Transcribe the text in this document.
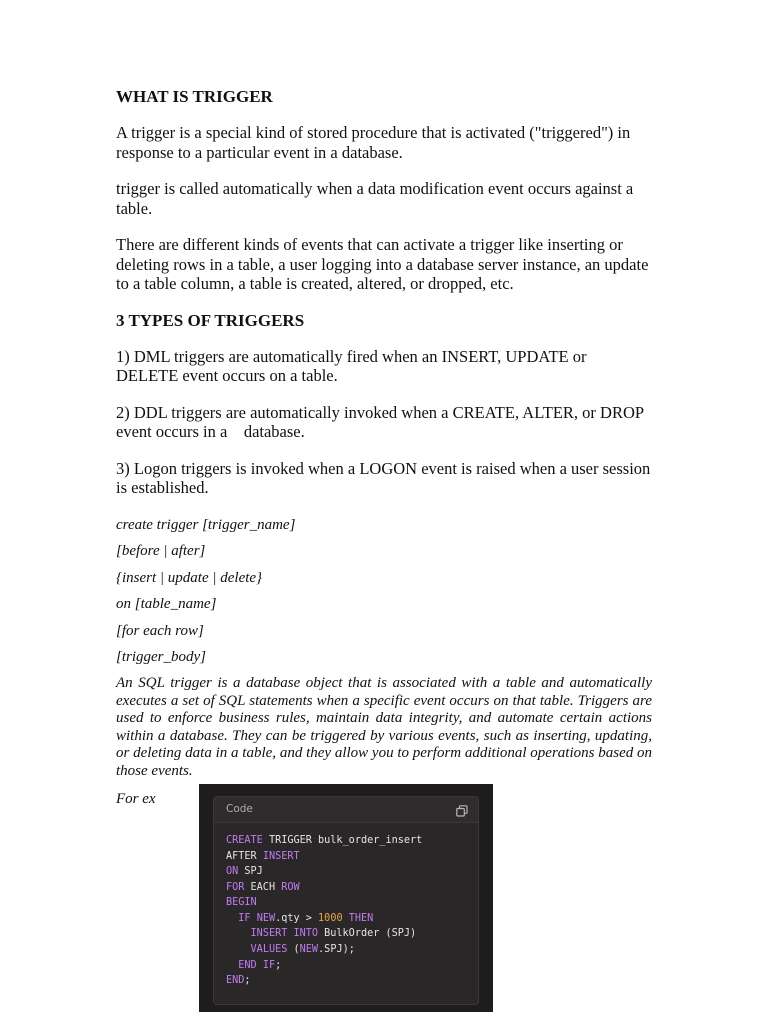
WHAT IS TRIGGER

A trigger is a special kind of stored procedure that is activated ("triggered") in response to a particular event in a database.

trigger is called automatically when a data modification event occurs against a table.

There are different kinds of events that can activate a trigger like inserting or deleting rows in a table, a user logging into a database server instance, an update to a table column, a table is created, altered, or dropped, etc.

3 TYPES OF TRIGGERS

1) DML triggers are automatically fired when an INSERT, UPDATE or DELETE event occurs on a table.

2) DDL triggers are automatically invoked when a CREATE, ALTER, or DROP event occurs in a    database.

3) Logon triggers is invoked when a LOGON event is raised when a user session is established.

create trigger [trigger_name]

[before | after]

{insert | update | delete}

on [table_name]

[for each row]

[trigger_body]

An SQL trigger is a database object that is associated with a table and automatically executes a set of SQL statements when a specific event occurs on that table. Triggers are used to enforce business rules, maintain data integrity, and automate certain actions within a database. They can be triggered by various events, such as inserting, updating, or deleting data in a table, and they allow you to perform additional operations based on those events.

For ex
Code
CREATE TRIGGER bulk_order_insert
AFTER INSERT
ON SPJ
FOR EACH ROW
BEGIN
IF NEW.qty > 1000 THEN
INSERT INTO BulkOrder (SPJ)
VALUES (NEW.SPJ);
END IF;
END;
